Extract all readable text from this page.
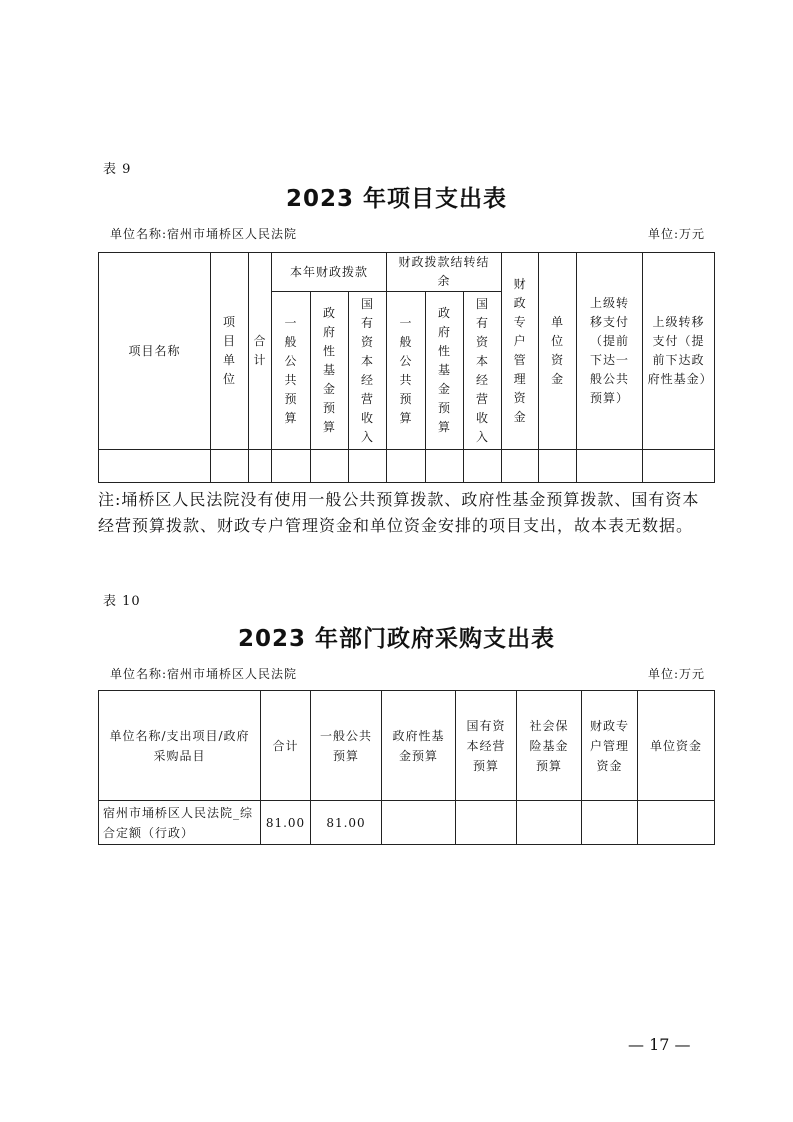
表 9
2023 年项目支出表
单位名称:宿州市埇桥区人民法院	单位:万元
项目名称	项目单位	合计	本年财政拨款			财政拨款结转结余			财政专户管理资金	单位资金	上级转移支付（提前下达一般公共预算）	上级转移支付（提前下达政府性基金）

			一般公共预算	政府性基金预算	国有资本经营收入	一般公共预算	政府性基金预算	国有资本经营收入				

注:埇桥区人民法院没有使用一般公共预算拨款、政府性基金预算拨款、国有资本经营预算拨款、财政专户管理资金和单位资金安排的项目支出，故本表无数据。
表 10
2023 年部门政府采购支出表
单位名称:宿州市埇桥区人民法院	单位:万元
单位名称/支出项目/政府采购品目	合计	一般公共预算	政府性基金预算	国有资本经营预算	社会保险基金预算	财政专户管理资金	单位资金
宿州市埇桥区人民法院_综合定额（行政）	81.00	81.00					
— 17 —
